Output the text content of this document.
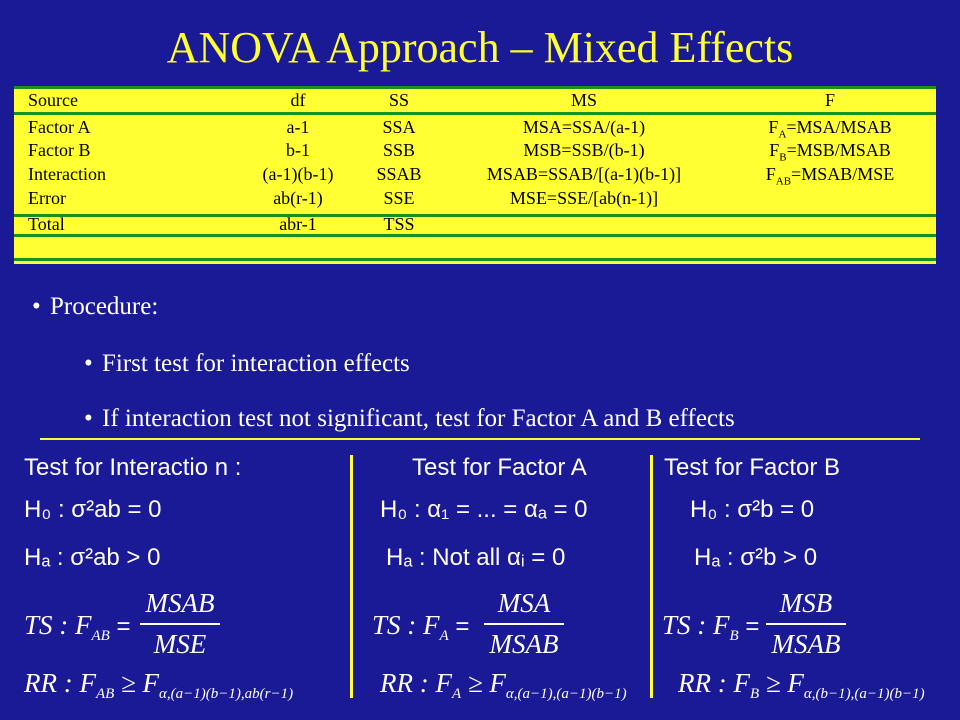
ANOVA Approach – Mixed Effects
Source	df	SS	MS	F
Factor A	a-1	SSA	MSA=SSA/(a-1)	$F_A=MSA$/MSAB
Factor B	b-1	SSB	MSB=SSB/(b-1)	$F_B=MSB$/MSAB
Interaction	(a-1)(b-1)	SSAB	MSAB=SSAB/[(a-1)(b-1)]	$F_{AB}=MSAB$/MSE
Error	ab(r-1)	SSE	MSE=SSE/[ab(n-1)]
Total	abr-1	TSS
• Procedure:
• First test for interaction effects
• If interaction test not significant, test for Factor A and B effects
Test for Interactio n :
H₀ : σ²ab = 0
Hₐ : σ²ab > 0
TS : $F_{AB}$ =
MSAB
MSE
RR : $F_{AB} \ge F_{\alpha,(a-1)(b-1),ab(r-1)}$
Test for Factor A
H₀ : α₁ = ... = αₐ = 0
Hₐ : Not all αᵢ = 0
TS : $F_A$ =
MSA
MSAB
RR : $F_A \ge F_{\alpha,(a-1),(a-1)(b-1)}$
Test for Factor B
H₀ : σ²b = 0
Hₐ : σ²b > 0
TS : $F_B$ =
MSB
MSAB
RR : $F_B \ge F_{\alpha,(b-1),(a-1)(b-1)}$
